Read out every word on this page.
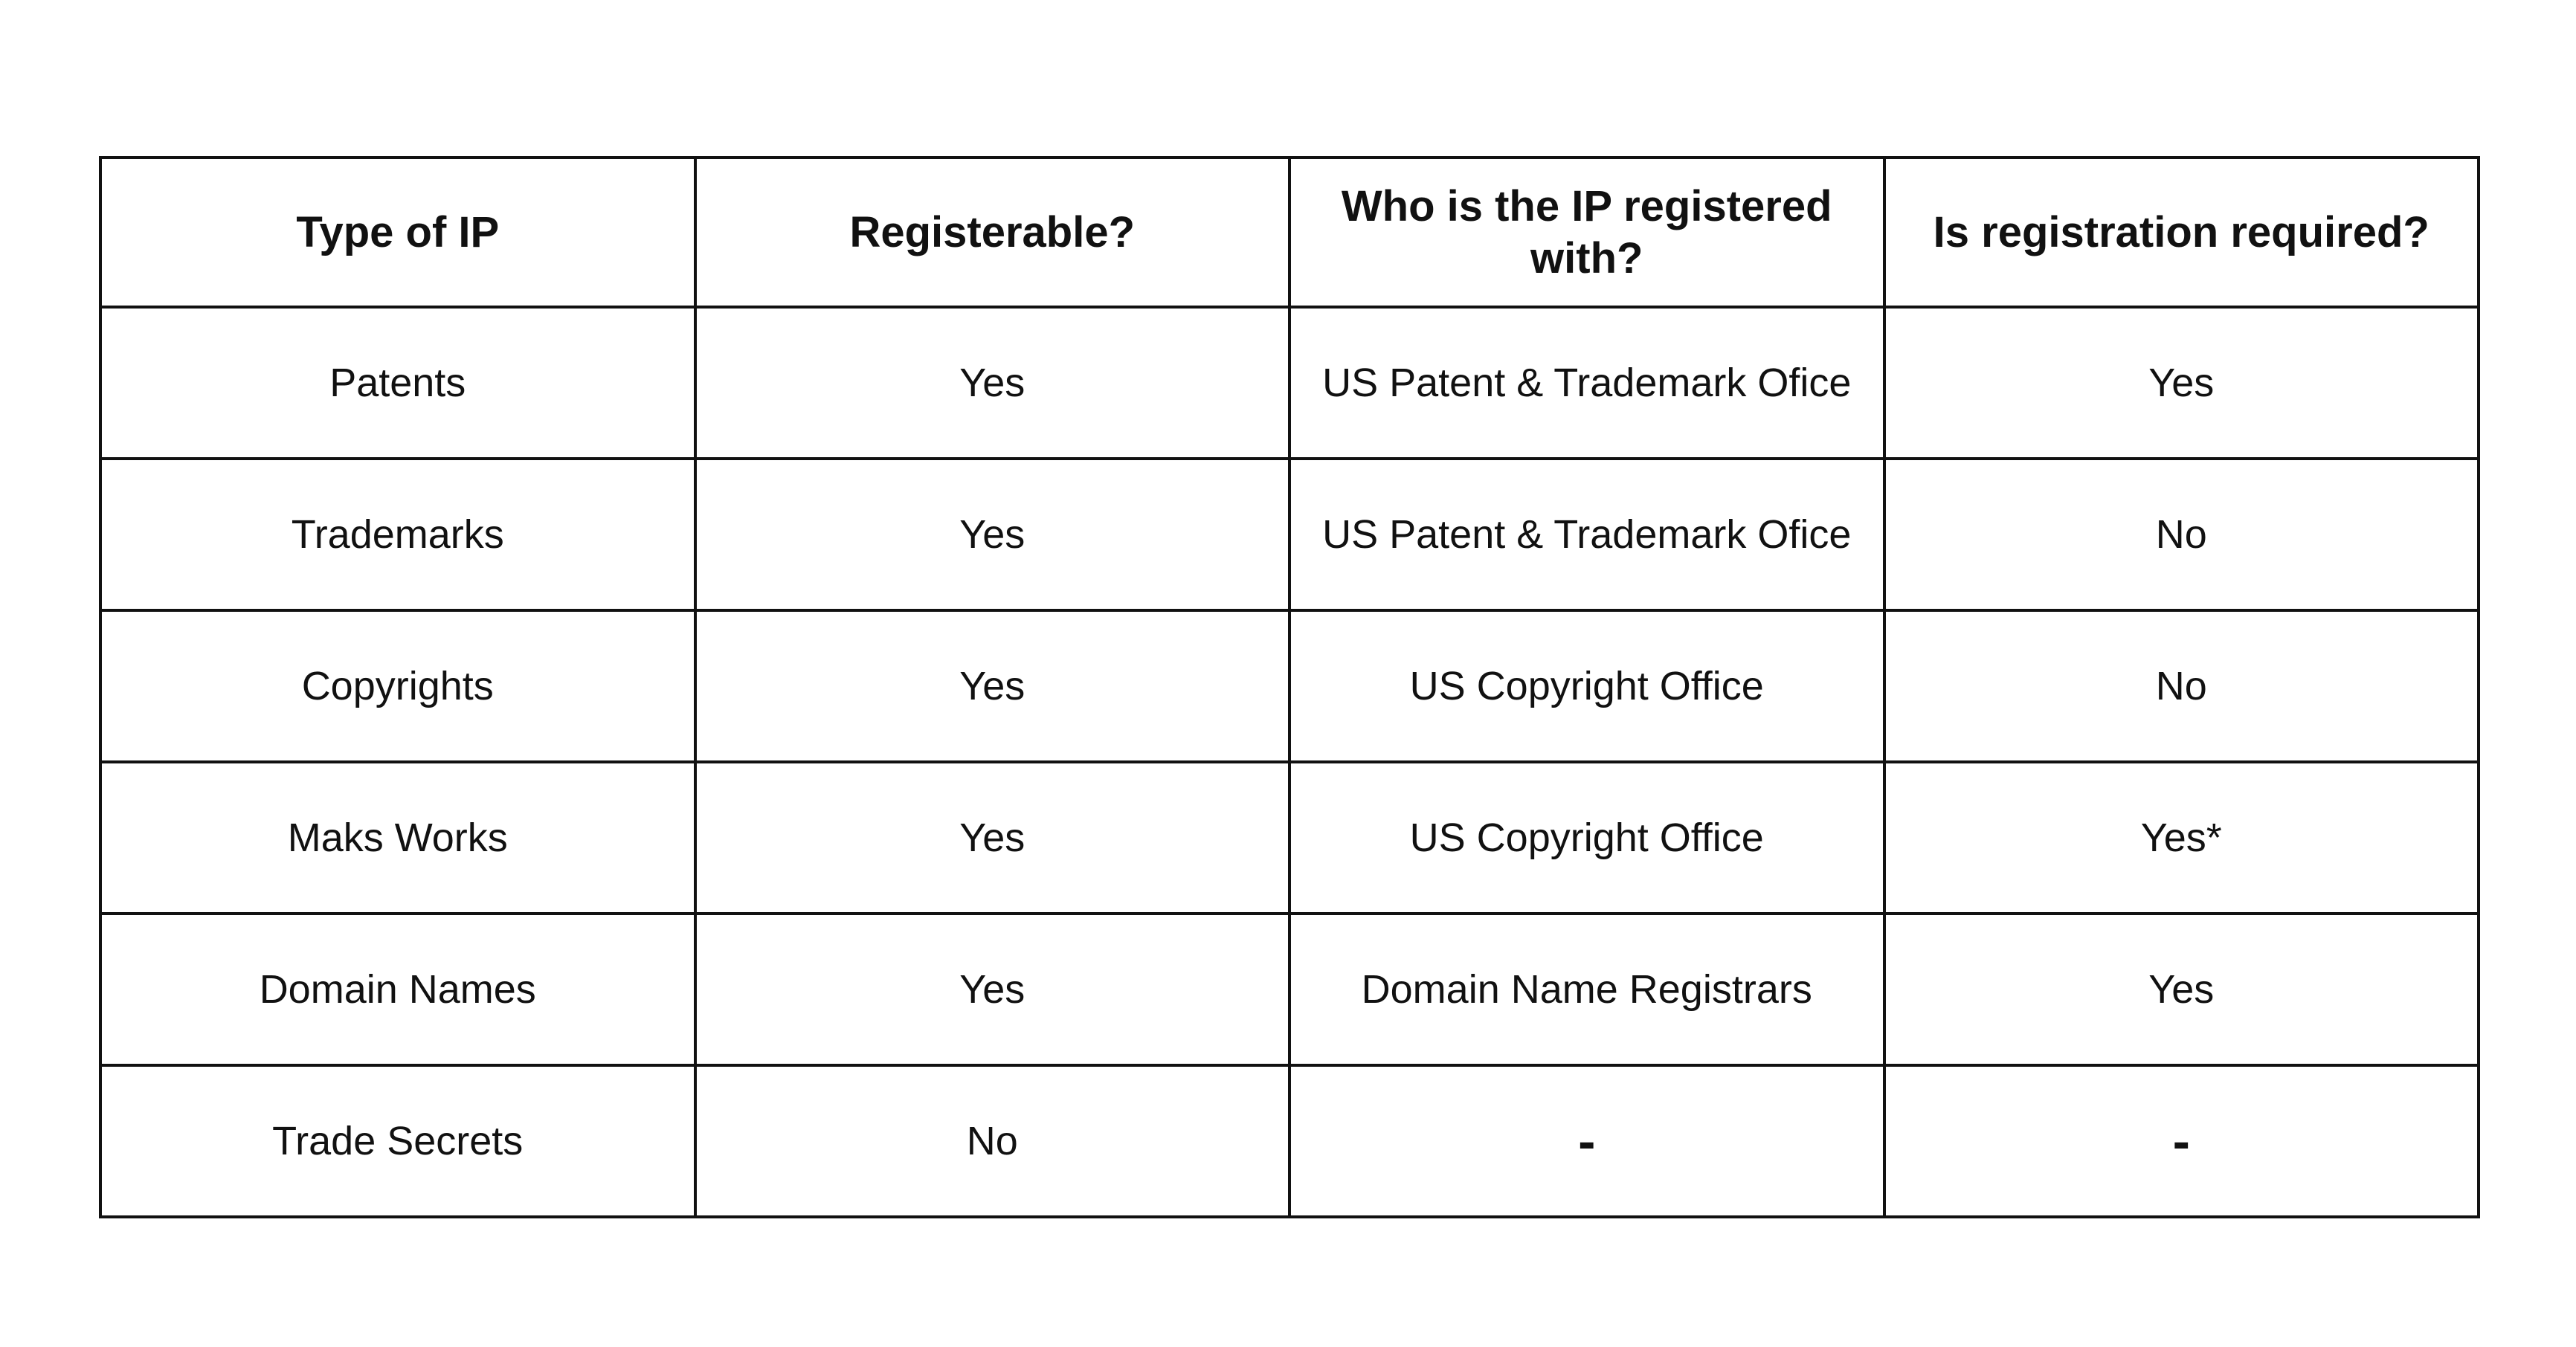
Type of IP	Registerable?	Who is the IP registered with?	Is registration required?
Patents	Yes	US Patent & Trademark Ofice	Yes
Trademarks	Yes	US Patent & Trademark Ofice	No
Copyrights	Yes	US Copyright Office	No
Maks Works	Yes	US Copyright Office	Yes*
Domain Names	Yes	Domain Name Registrars	Yes
Trade Secrets	No	-	-
